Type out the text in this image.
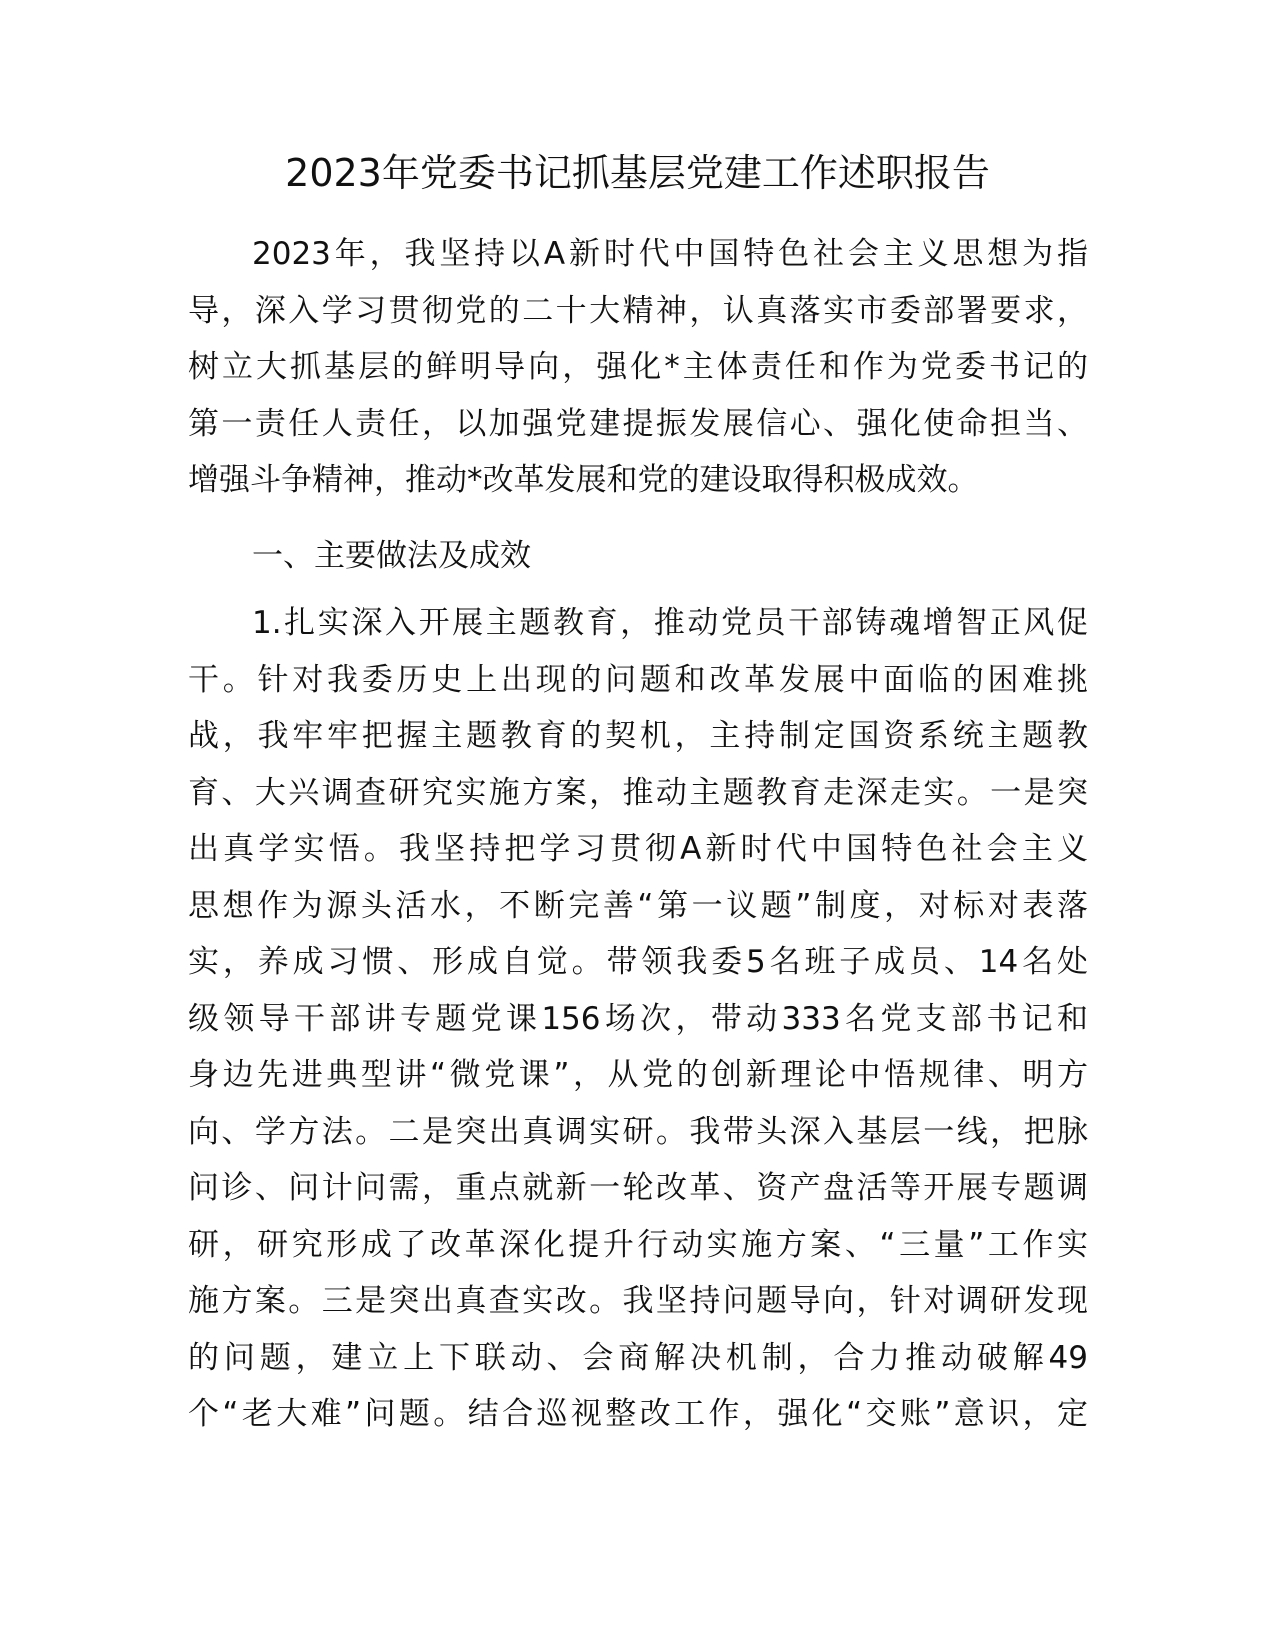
2023年党委书记抓基层党建工作述职报告
2023年，我坚持以A新时代中国特色社会主义思想为指
导，深入学习贯彻党的二十大精神，认真落实市委部署要求，
树立大抓基层的鲜明导向，强化*主体责任和作为党委书记的
第一责任人责任，以加强党建提振发展信心、强化使命担当、
增强斗争精神，推动*改革发展和党的建设取得积极成效。
一、主要做法及成效
1.扎实深入开展主题教育，推动党员干部铸魂增智正风促
干。针对我委历史上出现的问题和改革发展中面临的困难挑
战，我牢牢把握主题教育的契机，主持制定国资系统主题教
育、大兴调查研究实施方案，推动主题教育走深走实。一是突
出真学实悟。我坚持把学习贯彻A新时代中国特色社会主义
思想作为源头活水，不断完善“第一议题”制度，对标对表落
实，养成习惯、形成自觉。带领我委5名班子成员、14名处
级领导干部讲专题党课156场次，带动333名党支部书记和
身边先进典型讲“微党课”，从党的创新理论中悟规律、明方
向、学方法。二是突出真调实研。我带头深入基层一线，把脉
问诊、问计问需，重点就新一轮改革、资产盘活等开展专题调
研，研究形成了改革深化提升行动实施方案、“三量”工作实
施方案。三是突出真查实改。我坚持问题导向，针对调研发现
的问题，建立上下联动、会商解决机制，合力推动破解49
个“老大难”问题。结合巡视整改工作，强化“交账”意识，定
